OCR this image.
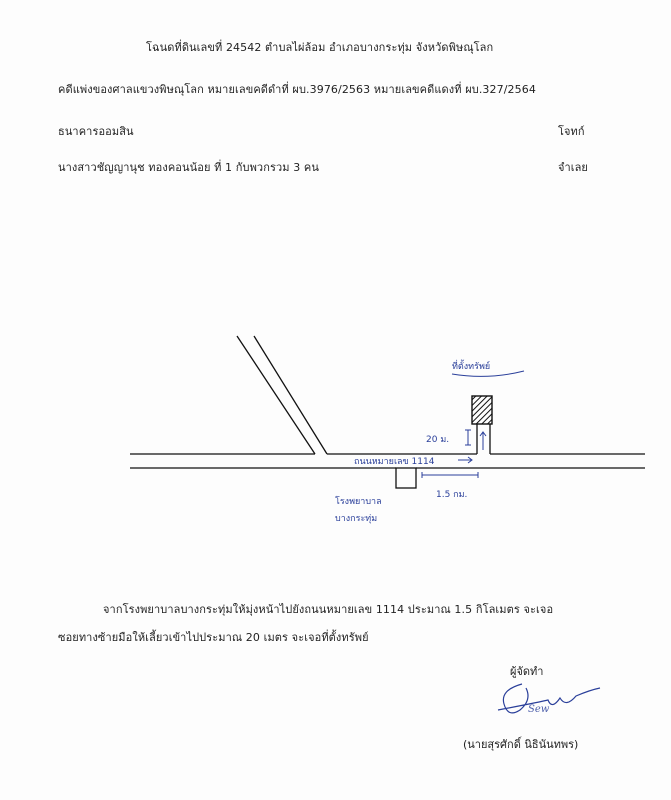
โฉนดที่ดินเลขที่ 24542 ตำบลไผ่ล้อม อำเภอบางกระทุ่ม จังหวัดพิษณุโลก
คดีแพ่งของศาลแขวงพิษณุโลก หมายเลขคดีดำที่ ผบ.3976/2563 หมายเลขคดีแดงที่ ผบ.327/2564
ธนาคารออมสิน	โจทก์
นางสาวชัญญานุช ทองคอนน้อย ที่ 1 กับพวกรวม 3 คน	จำเลย
ที่ตั้งทรัพย์
20 ม.
ถนนหมายเลข 1114
1.5 กม.
โรงพยาบาล
บางกระทุ่ม
จากโรงพยาบาลบางกระทุ่มให้มุ่งหน้าไปยังถนนหมายเลข 1114 ประมาณ 1.5 กิโลเมตร จะเจอ
ซอยทางซ้ายมือให้เลี้ยวเข้าไปประมาณ 20 เมตร จะเจอที่ตั้งทรัพย์
ผู้จัดทำ
Sew
(นายสุรศักดิ์ นิธินันทพร)
